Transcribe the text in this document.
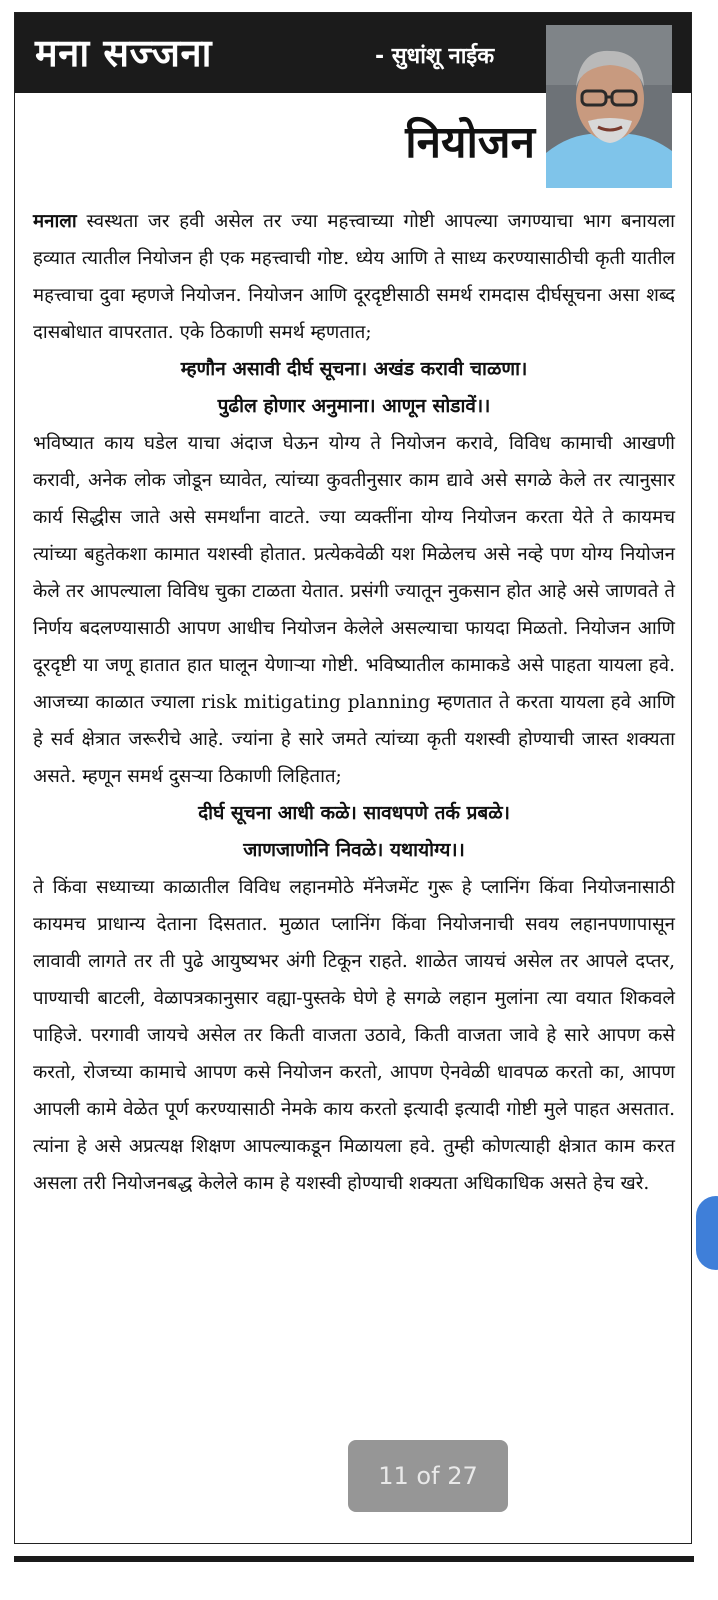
मना सज्जना	- सुधांशू नाईक
नियोजन

मनाला स्वस्थता जर हवी असेल तर ज्या महत्त्वाच्या गोष्टी आपल्या जगण्याचा भाग बनायला हव्यात त्यातील नियोजन ही एक महत्त्वाची गोष्ट. ध्येय आणि ते साध्य करण्यासाठीची कृती यातील महत्त्वाचा दुवा म्हणजे नियोजन. नियोजन आणि दूरदृष्टीसाठी समर्थ रामदास दीर्घसूचना असा शब्द दासबोधात वापरतात. एके ठिकाणी समर्थ म्हणतात;

म्हणौन असावी दीर्घ सूचना। अखंड करावी चाळणा।
पुढील होणार अनुमाना। आणून सोडावें।।

भविष्यात काय घडेल याचा अंदाज घेऊन योग्य ते नियोजन करावे, विविध कामाची आखणी करावी, अनेक लोक जोडून घ्यावेत, त्यांच्या कुवतीनुसार काम द्यावे असे सगळे केले तर त्यानुसार कार्य सिद्धीस जाते असे समर्थांना वाटते. ज्या व्यक्तींना योग्य नियोजन करता येते ते कायमच त्यांच्या बहुतेकशा कामात यशस्वी होतात. प्रत्येकवेळी यश मिळेलच असे नव्हे पण योग्य नियोजन केले तर आपल्याला विविध चुका टाळता येतात. प्रसंगी ज्यातून नुकसान होत आहे असे जाणवते ते निर्णय बदलण्यासाठी आपण आधीच नियोजन केलेले असल्याचा फायदा मिळतो. नियोजन आणि दूरदृष्टी या जणू हातात हात घालून येणाऱ्या गोष्टी. भविष्यातील कामाकडे असे पाहता यायला हवे. आजच्या काळात ज्याला risk mitigating planning म्हणतात ते करता यायला हवे आणि हे सर्व क्षेत्रात जरूरीचे आहे. ज्यांना हे सारे जमते त्यांच्या कृती यशस्वी होण्याची जास्त शक्यता असते. म्हणून समर्थ दुसऱ्या ठिकाणी लिहितात;

दीर्घ सूचना आधी कळे। सावधपणे तर्क प्रबळे।
जाणजाणोनि निवळे। यथायोग्य।।

ते किंवा सध्याच्या काळातील विविध लहानमोठे मॅनेजमेंट गुरू हे प्लानिंग किंवा नियोजनासाठी कायमच प्राधान्य देताना दिसतात. मुळात प्लानिंग किंवा नियोजनाची सवय लहानपणापासून लावावी लागते तर ती पुढे आयुष्यभर अंगी टिकून राहते. शाळेत जायचं असेल तर आपले दप्तर, पाण्याची बाटली, वेळापत्रकानुसार वह्या-पुस्तके घेणे हे सगळे लहान मुलांना त्या वयात शिकवले पाहिजे. परगावी जायचे असेल तर किती वाजता उठावे, किती वाजता जावे हे सारे आपण कसे करतो, रोजच्या कामाचे आपण कसे नियोजन करतो, आपण ऐनवेळी धावपळ करतो का, आपण आपली कामे वेळेत पूर्ण करण्यासाठी नेमके काय करतो इत्यादी इत्यादी गोष्टी मुले पाहत असतात. त्यांना हे असे अप्रत्यक्ष शिक्षण आपल्याकडून मिळायला हवे. तुम्ही कोणत्याही क्षेत्रात काम करत असला तरी नियोजनबद्ध केलेले काम हे यशस्वी होण्याची शक्यता अधिकाधिक असते हेच खरे.

11 of 27
